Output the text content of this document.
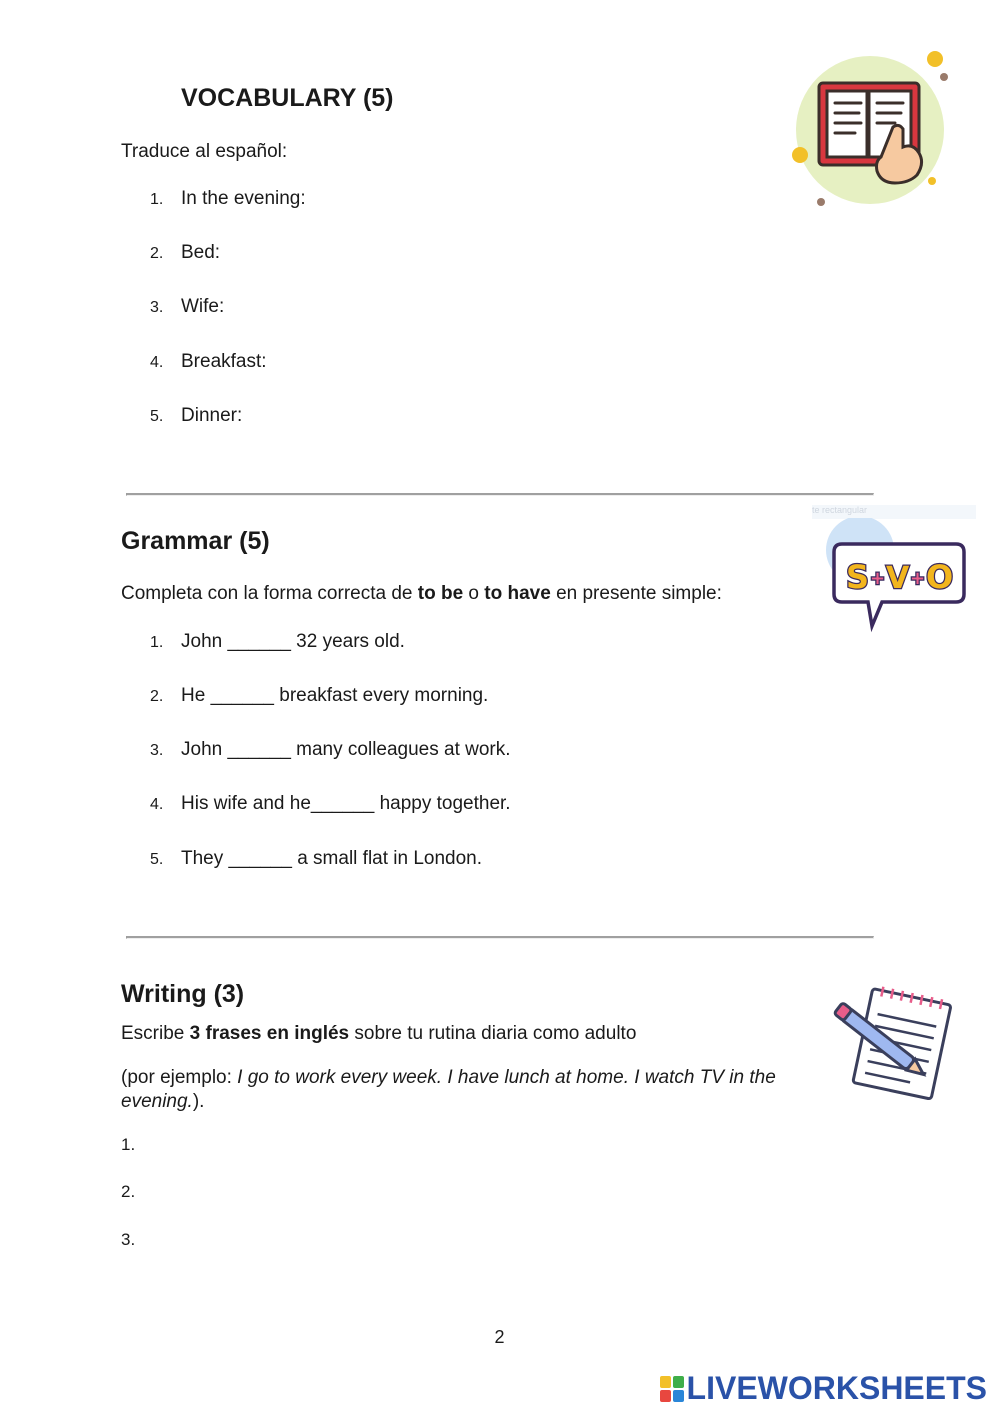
VOCABULARY (5)

Traduce al español:

1. In the evening:

2. Bed:

3. Wife:

4. Breakfast:

5. Dinner:

te rectangular
Grammar (5)

Completa con la forma correcta de to be o to have en presente simple:

1. John ______ 32 years old.

2. He ______ breakfast every morning.

3. John ______ many colleagues at work.

4. His wife and he______ happy together.

5. They ______ a small flat in London.

S + V + O
Writing (3)

Escribe 3 frases en inglés sobre tu rutina diaria como adulto

(por ejemplo: I go to work every week. I have lunch at home. I watch TV in the evening.).

1.

2.

3.

2
LIVEWORKSHEETS
